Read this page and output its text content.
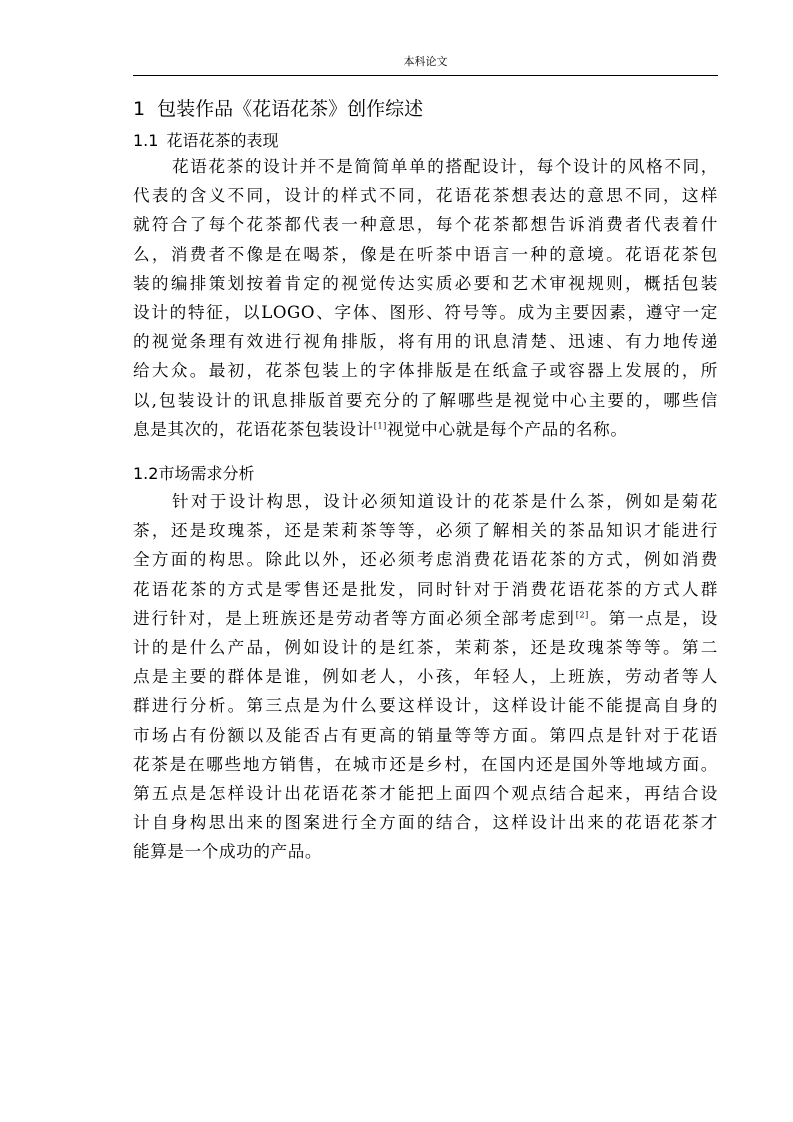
本科论文
1 包装作品《花语花茶》创作综述
1.1 花语花茶的表现
花语花茶的设计并不是简简单单的搭配设计，每个设计的风格不同，
代表的含义不同，设计的样式不同，花语花茶想表达的意思不同，这样
就符合了每个花茶都代表一种意思，每个花茶都想告诉消费者代表着什
么，消费者不像是在喝茶，像是在听茶中语言一种的意境。花语花茶包
装的编排策划按着肯定的视觉传达实质必要和艺术审视规则，概括包装
设计的特征，以LOGO、字体、图形、符号等。成为主要因素，遵守一定
的视觉条理有效进行视角排版，将有用的讯息清楚、迅速、有力地传递
给大众。最初，花茶包装上的字体排版是在纸盒子或容器上发展的，所
以,包装设计的讯息排版首要充分的了解哪些是视觉中心主要的，哪些信
息是其次的，花语花茶包装设计[1]视觉中心就是每个产品的名称。
1.2市场需求分析
针对于设计构思，设计必须知道设计的花茶是什么茶，例如是菊花
茶，还是玫瑰茶，还是茉莉茶等等，必须了解相关的茶品知识才能进行
全方面的构思。除此以外，还必须考虑消费花语花茶的方式，例如消费
花语花茶的方式是零售还是批发，同时针对于消费花语花茶的方式人群
进行针对，是上班族还是劳动者等方面必须全部考虑到[2]。第一点是，设
计的是什么产品，例如设计的是红茶，茉莉茶，还是玫瑰茶等等。第二
点是主要的群体是谁，例如老人，小孩，年轻人，上班族，劳动者等人
群进行分析。第三点是为什么要这样设计，这样设计能不能提高自身的
市场占有份额以及能否占有更高的销量等等方面。第四点是针对于花语
花茶是在哪些地方销售，在城市还是乡村，在国内还是国外等地域方面。
第五点是怎样设计出花语花茶才能把上面四个观点结合起来，再结合设
计自身构思出来的图案进行全方面的结合，这样设计出来的花语花茶才
能算是一个成功的产品。
